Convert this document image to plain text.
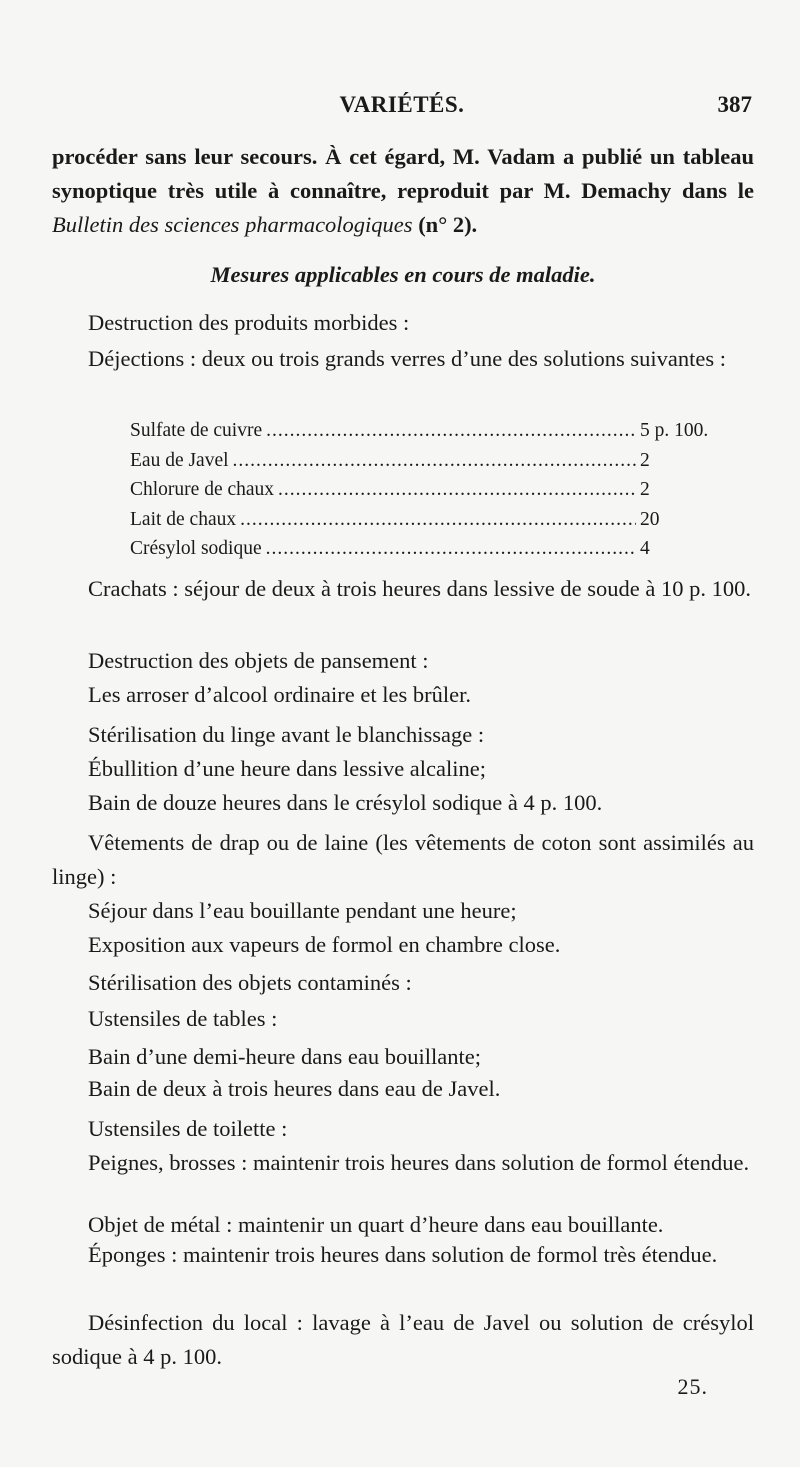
VARIÉTÉS.	387
procéder sans leur secours. À cet égard, M. Vadam a publié un tableau synoptique très utile à connaître, reproduit par M. Demachy dans le Bulletin des sciences pharmacologiques (n° 2).
Mesures applicables en cours de maladie.
Destruction des produits morbides :
Déjections : deux ou trois grands verres d’une des solutions suivantes :
Sulfate de cuivre .....	5 p. 100.
Eau de Javel .....	2
Chlorure de chaux .....	2
Lait de chaux .....	20
Crésylol sodique .....	4
Crachats : séjour de deux à trois heures dans lessive de soude à 10 p. 100.
Destruction des objets de pansement :
Les arroser d’alcool ordinaire et les brûler.
Stérilisation du linge avant le blanchissage :
Ébullition d’une heure dans lessive alcaline;
Bain de douze heures dans le crésylol sodique à 4 p. 100.
Vêtements de drap ou de laine (les vêtements de coton sont assimilés au linge) :
Séjour dans l’eau bouillante pendant une heure;
Exposition aux vapeurs de formol en chambre close.
Stérilisation des objets contaminés :
Ustensiles de tables :
Bain d’une demi-heure dans eau bouillante;
Bain de deux à trois heures dans eau de Javel.
Ustensiles de toilette :
Peignes, brosses : maintenir trois heures dans solution de formol étendue.
Objet de métal : maintenir un quart d’heure dans eau bouillante.
Éponges : maintenir trois heures dans solution de formol très étendue.
Désinfection du local : lavage à l’eau de Javel ou solution de crésylol sodique à 4 p. 100.
25.
